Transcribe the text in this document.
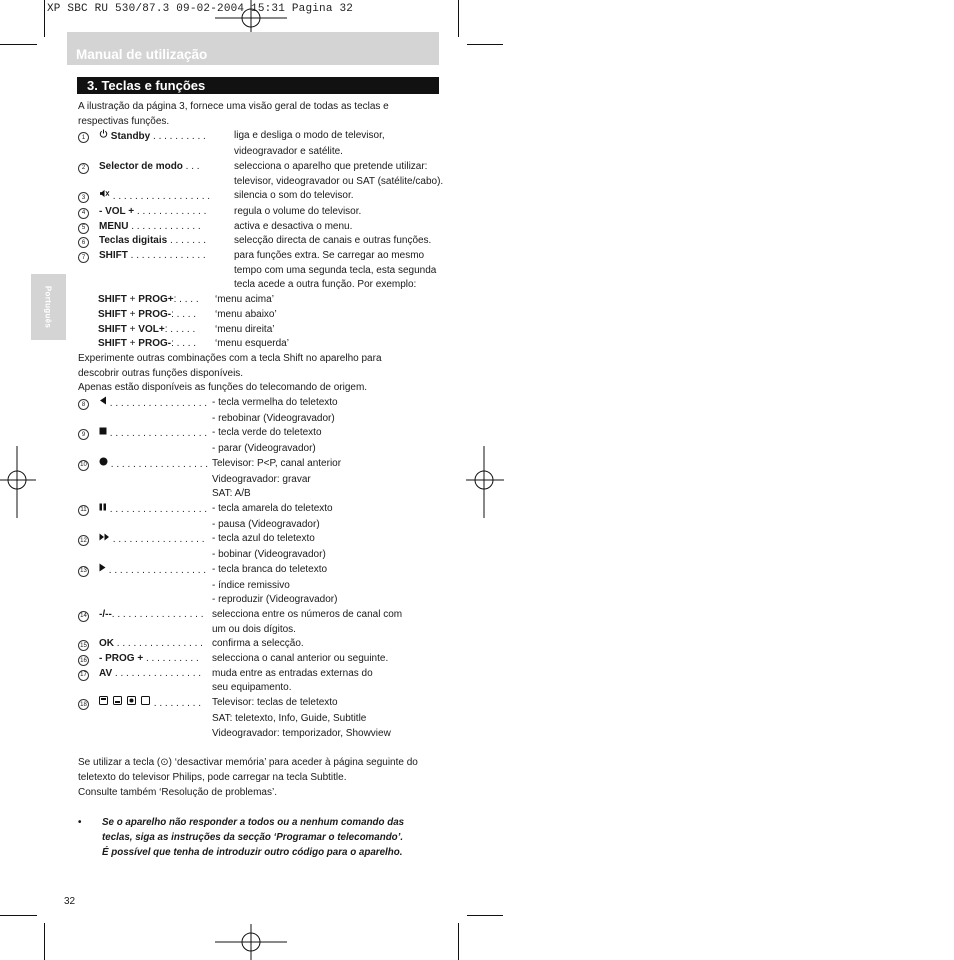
XP SBC RU 530/87.3 09-02-2004 15:31 Pagina 32
Manual de utilização
Português
3. Teclas e funções
A ilustração da página 3, fornece uma visão geral de todas as teclas e
respectivas funções.
1	Standby . . . . . . . . . .	liga e desliga o modo de televisor,
videogravador e satélite.
2	Selector de modo . . .	selecciona o aparelho que pretende utilizar:
televisor, videogravador ou SAT (satélite/cabo).
3	. . . . . . . . . . . . . . . . . .	silencia o som do televisor.
4	- VOL + . . . . . . . . . . . . .	regula o volume do televisor.
5	MENU . . . . . . . . . . . . .	activa e desactiva o menu.
6	Teclas digitais . . . . . . .	selecção directa de canais e outras funções.
7	SHIFT . . . . . . . . . . . . . .	para funções extra. Se carregar ao mesmo
tempo com uma segunda tecla, esta segunda
tecla acede a outra função. Por exemplo:
SHIFT + PROG+: . . . .	‘menu acima’
SHIFT + PROG-: . . . .	‘menu abaixo’
SHIFT + VOL+: . . . . .	‘menu direita’
SHIFT + PROG-: . . . .	‘menu esquerda’
Experimente outras combinações com a tecla Shift no aparelho para
descobrir outras funções disponíveis.
Apenas estão disponíveis as funções do telecomando de origem.
8	. . . . . . . . . . . . . . . . . . - tecla vermelha do teletexto
- rebobinar (Videogravador)
9	. . . . . . . . . . . . . . . . . . - tecla verde do teletexto
- parar (Videogravador)
10	. . . . . . . . . . . . . . . . . . Televisor: P<P, canal anterior
Videogravador: gravar
SAT: A/B
11	. . . . . . . . . . . . . . . . . . - tecla amarela do teletexto
- pausa (Videogravador)
12	. . . . . . . . . . . . . . . . . - tecla azul do teletexto
- bobinar (Videogravador)
13	. . . . . . . . . . . . . . . . . . - tecla branca do teletexto
- índice remissivo
- reproduzir (Videogravador)
14 -/--. . . . . . . . . . . . . . . . . selecciona entre os números de canal com
um ou dois dígitos.
15 OK . . . . . . . . . . . . . . . . confirma a selecção.
16 - PROG + . . . . . . . . . .	selecciona o canal anterior ou seguinte.
17 AV . . . . . . . . . . . . . . . .	muda entre as entradas externas do
seu equipamento.
18	. . . . . . . . .	Televisor: teclas de teletexto
SAT: teletexto, Info, Guide, Subtitle
Videogravador: temporizador, Showview
Se utilizar a tecla (⊙) ‘desactivar memória’ para aceder à página seguinte do
teletexto do televisor Philips, pode carregar na tecla Subtitle.
Consulte também ‘Resolução de problemas’.
•	Se o aparelho não responder a todos ou a nenhum comando das
teclas, siga as instruções da secção ‘Programar o telecomando’.
É possível que tenha de introduzir outro código para o aparelho.
32
